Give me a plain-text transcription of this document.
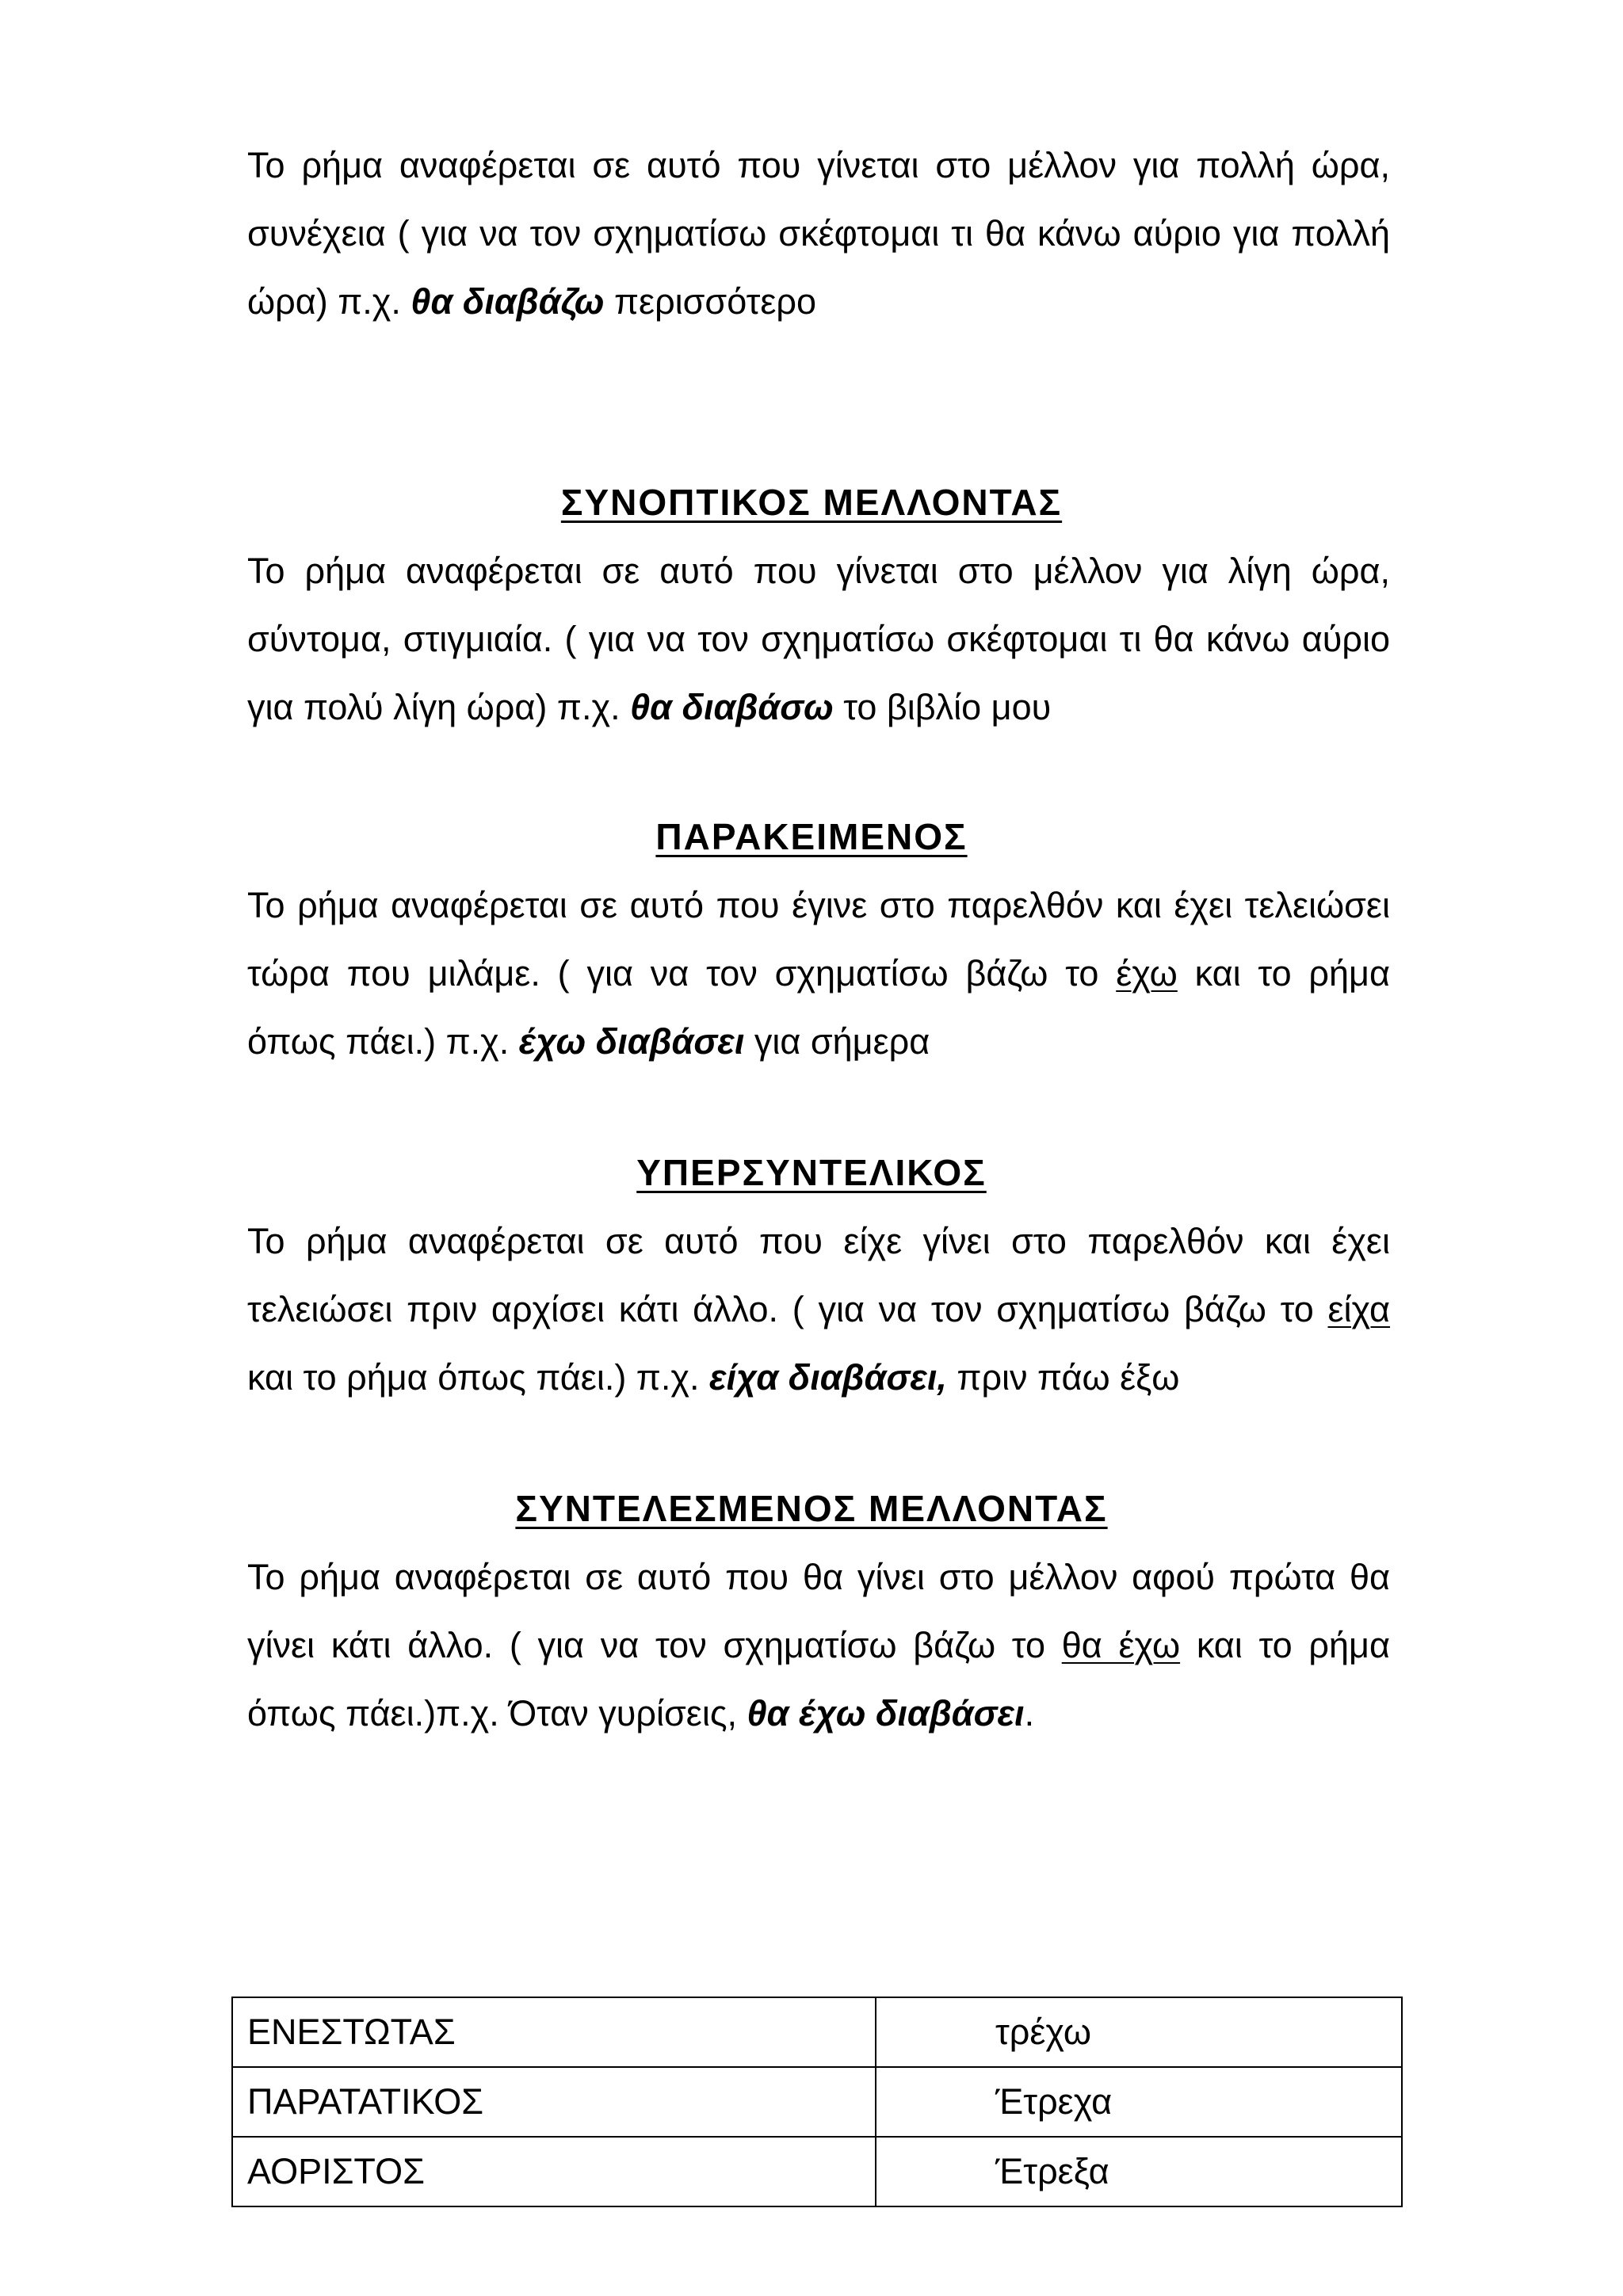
Το ρήμα αναφέρεται σε αυτό που γίνεται στο μέλλον για πολλή ώρα, συνέχεια ( για να τον σχηματίσω σκέφτομαι τι θα κάνω αύριο για πολλή ώρα) π.χ. θα διαβάζω περισσότερο

ΣΥΝΟΠΤΙΚΟΣ ΜΕΛΛΟΝΤΑΣ

Το ρήμα αναφέρεται σε αυτό που γίνεται στο μέλλον για λίγη ώρα, σύντομα, στιγμιαία. ( για να τον σχηματίσω σκέφτομαι τι θα κάνω αύριο για πολύ λίγη ώρα) π.χ. θα διαβάσω το βιβλίο μου

ΠΑΡΑΚΕΙΜΕΝΟΣ

Το ρήμα αναφέρεται σε αυτό που έγινε στο παρελθόν και έχει τελειώσει τώρα που μιλάμε. ( για να τον σχηματίσω βάζω το έχω και το ρήμα όπως πάει.) π.χ. έχω διαβάσει για σήμερα

ΥΠΕΡΣΥΝΤΕΛΙΚΟΣ

Το ρήμα αναφέρεται σε αυτό που είχε γίνει στο παρελθόν και έχει τελειώσει πριν αρχίσει κάτι άλλο. ( για να τον σχηματίσω βάζω το είχα και το ρήμα όπως πάει.) π.χ. είχα διαβάσει, πριν πάω έξω

ΣΥΝΤΕΛΕΣΜΕΝΟΣ ΜΕΛΛΟΝΤΑΣ

Το ρήμα αναφέρεται σε αυτό που θα γίνει στο μέλλον αφού πρώτα θα γίνει κάτι άλλο. ( για να τον σχηματίσω βάζω το θα έχω και το ρήμα όπως πάει.)π.χ. Όταν γυρίσεις, θα έχω διαβάσει.

ΕΝΕΣΤΩΤΑΣ	τρέχω
ΠΑΡΑΤΑΤΙΚΟΣ	Έτρεχα
ΑΟΡΙΣΤΟΣ	Έτρεξα
